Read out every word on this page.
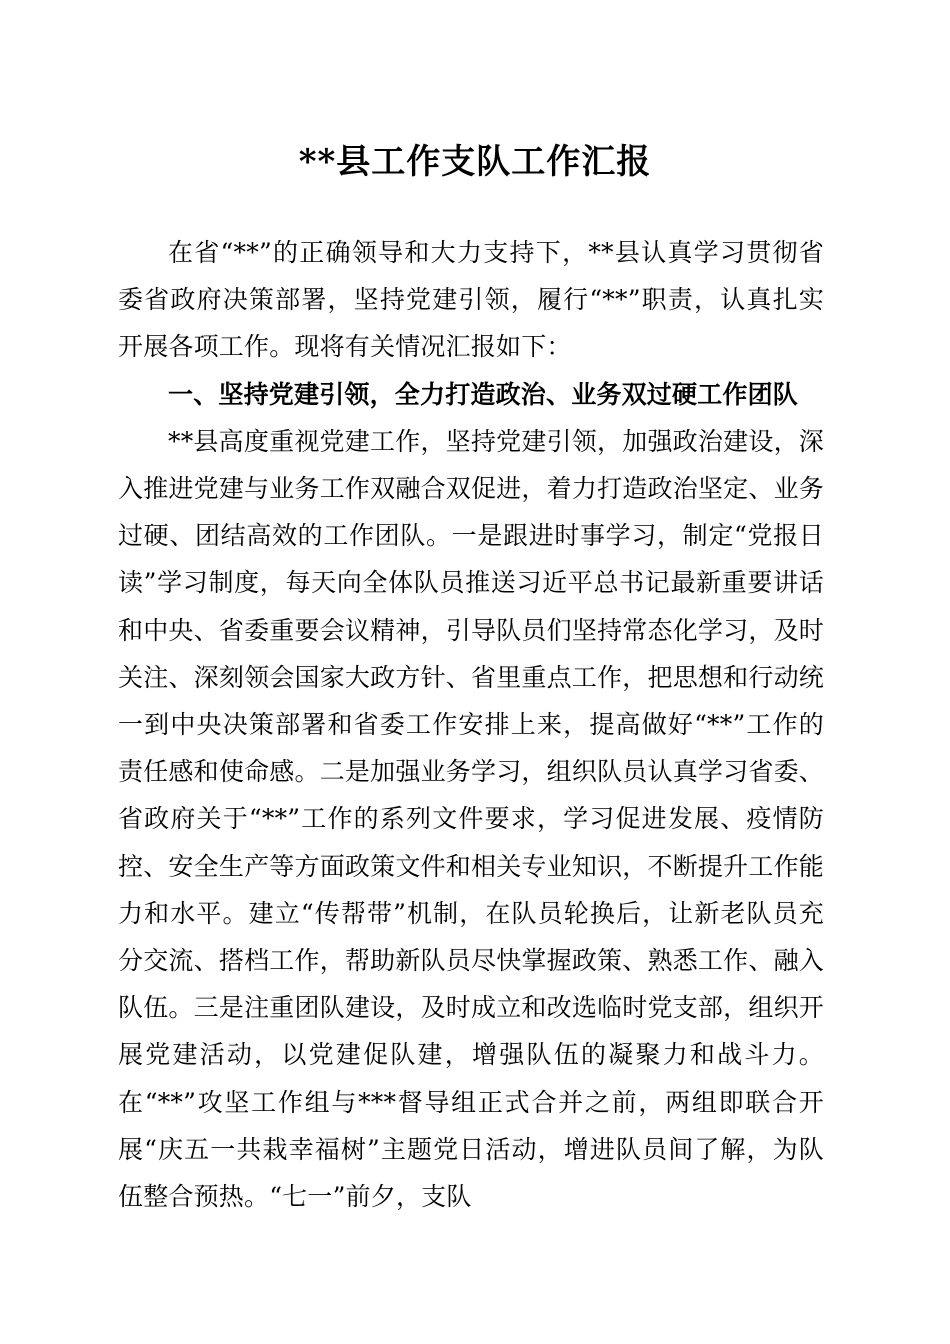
**县工作支队工作汇报

在省“**”的正确领导和大力支持下，**县认真学习贯彻省委省政府决策部署，坚持党建引领，履行“**”职责，认真扎实开展各项工作。现将有关情况汇报如下：

一、坚持党建引领，全力打造政治、业务双过硬工作团队

**县高度重视党建工作，坚持党建引领，加强政治建设，深入推进党建与业务工作双融合双促进，着力打造政治坚定、业务过硬、团结高效的工作团队。一是跟进时事学习，制定“党报日读”学习制度，每天向全体队员推送习近平总书记最新重要讲话和中央、省委重要会议精神，引导队员们坚持常态化学习，及时关注、深刻领会国家大政方针、省里重点工作，把思想和行动统一到中央决策部署和省委工作安排上来，提高做好“**”工作的责任感和使命感。二是加强业务学习，组织队员认真学习省委、省政府关于“**”工作的系列文件要求，学习促进发展、疫情防控、安全生产等方面政策文件和相关专业知识，不断提升工作能力和水平。建立“传帮带”机制，在队员轮换后，让新老队员充分交流、搭档工作，帮助新队员尽快掌握政策、熟悉工作、融入队伍。三是注重团队建设，及时成立和改选临时党支部，组织开展党建活动，以党建促队建，增强队伍的凝聚力和战斗力。在“**”攻坚工作组与***督导组正式合并之前，两组即联合开展“庆五一共栽幸福树”主题党日活动，增进队员间了解，为队伍整合预热。“七一”前夕，支队
